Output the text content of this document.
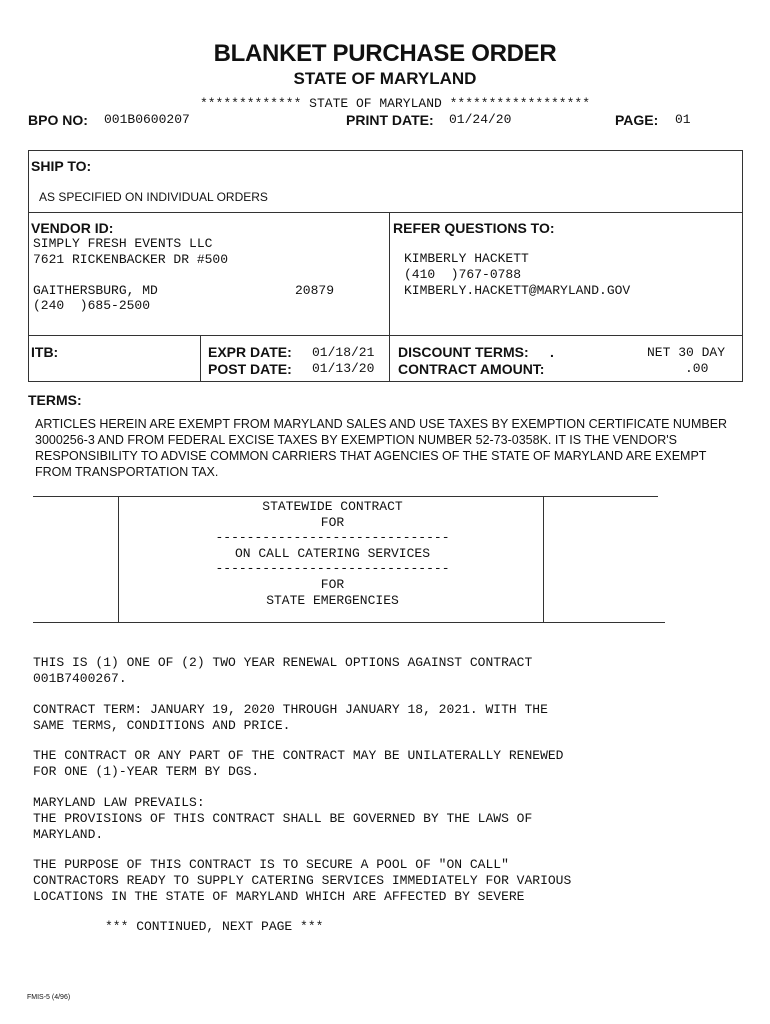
BLANKET PURCHASE ORDER
STATE OF MARYLAND
************* STATE OF MARYLAND ******************
BPO NO: 001B0600207	PRINT DATE: 01/24/20	PAGE: 01
SHIP TO:
AS SPECIFIED ON INDIVIDUAL ORDERS
VENDOR ID:
SIMPLY FRESH EVENTS LLC
7621 RICKENBACKER DR #500
GAITHERSBURG, MD	20879
(240  )685-2500
REFER QUESTIONS TO:
KIMBERLY HACKETT
(410  )767-0788
KIMBERLY.HACKETT@MARYLAND.GOV
ITB:	EXPR DATE: 01/18/21
POST DATE: 01/13/20
DISCOUNT TERMS: .	NET 30 DAY
CONTRACT AMOUNT:	.00
TERMS:
ARTICLES HEREIN ARE EXEMPT FROM MARYLAND SALES AND USE TAXES BY EXEMPTION CERTIFICATE NUMBER 3000256-3 AND FROM FEDERAL EXCISE TAXES BY EXEMPTION NUMBER 52-73-0358K. IT IS THE VENDOR'S RESPONSIBILITY TO ADVISE COMMON CARRIERS THAT AGENCIES OF THE STATE OF MARYLAND ARE EXEMPT FROM TRANSPORTATION TAX.
STATEWIDE CONTRACT
FOR
------------------------------
ON CALL CATERING SERVICES
------------------------------
FOR
STATE EMERGENCIES
THIS IS (1) ONE OF (2) TWO YEAR RENEWAL OPTIONS AGAINST CONTRACT
001B7400267.
CONTRACT TERM: JANUARY 19, 2020 THROUGH JANUARY 18, 2021. WITH THE
SAME TERMS, CONDITIONS AND PRICE.
THE CONTRACT OR ANY PART OF THE CONTRACT MAY BE UNILATERALLY RENEWED
FOR ONE (1)-YEAR TERM BY DGS.
MARYLAND LAW PREVAILS:
THE PROVISIONS OF THIS CONTRACT SHALL BE GOVERNED BY THE LAWS OF
MARYLAND.
THE PURPOSE OF THIS CONTRACT IS TO SECURE A POOL OF "ON CALL"
CONTRACTORS READY TO SUPPLY CATERING SERVICES IMMEDIATELY FOR VARIOUS
LOCATIONS IN THE STATE OF MARYLAND WHICH ARE AFFECTED BY SEVERE
*** CONTINUED, NEXT PAGE ***
FMIS-5 (4/96)
